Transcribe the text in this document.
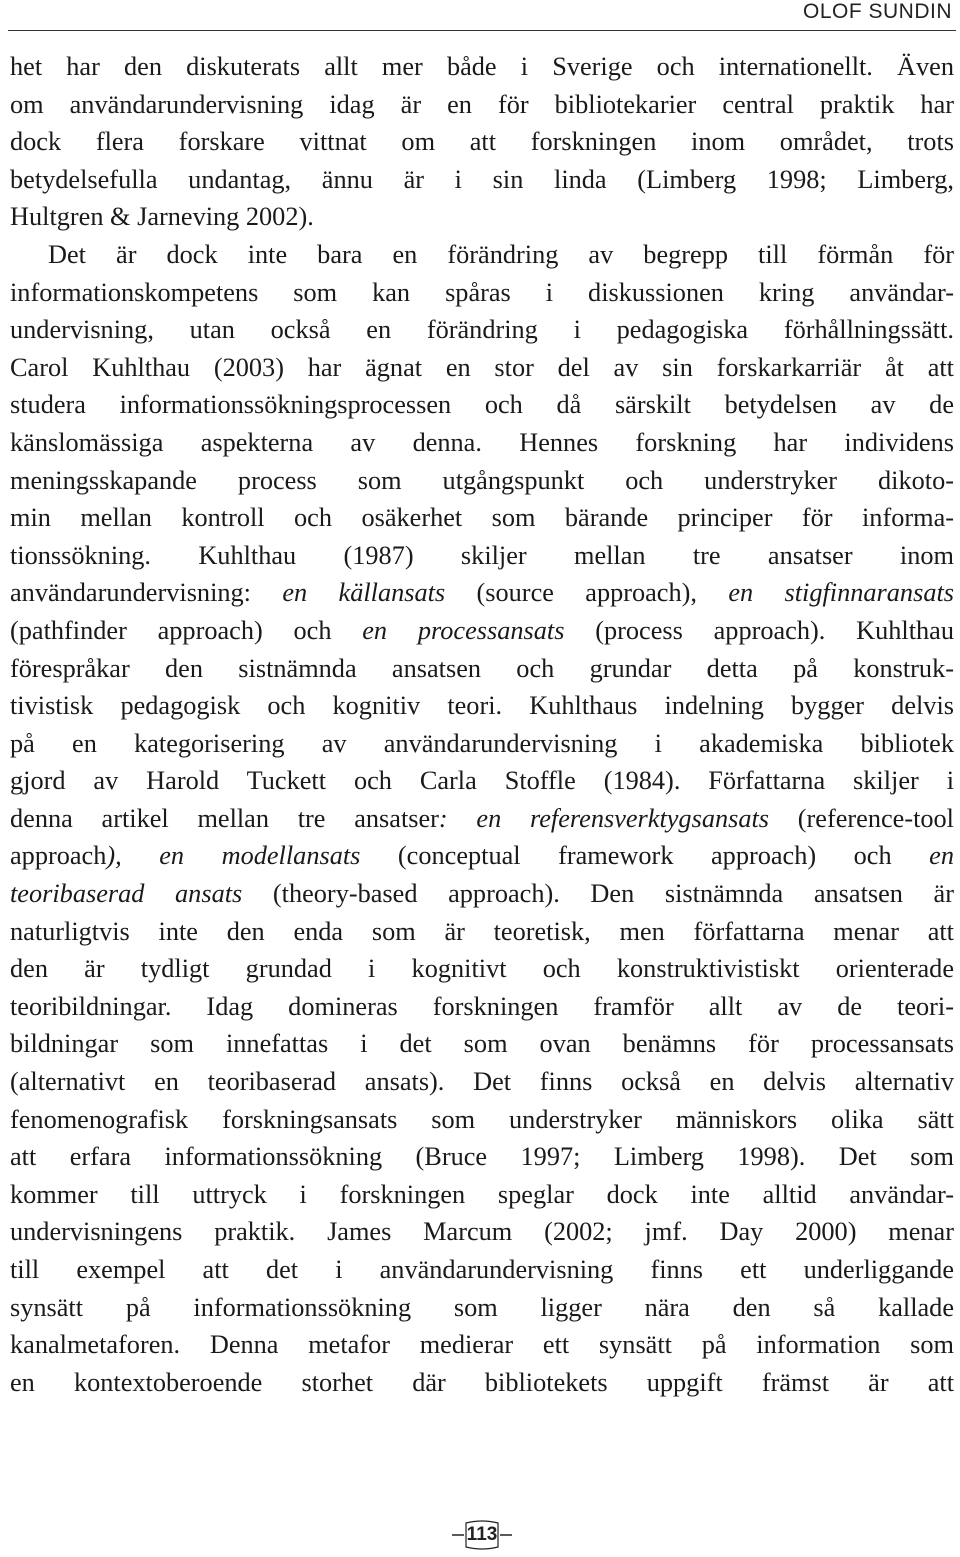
OLOF SUNDIN
het har den diskuterats allt mer både i Sverige och internationellt. Även
om användarundervisning idag är en för bibliotekarier central praktik har
dock flera forskare vittnat om att forskningen inom området, trots
betydelsefulla undantag, ännu är i sin linda (Limberg 1998; Limberg,
Hultgren & Jarneving 2002).
Det är dock inte bara en förändring av begrepp till förmån för
informationskompetens som kan spåras i diskussionen kring användar-
undervisning, utan också en förändring i pedagogiska förhållningssätt.
Carol Kuhlthau (2003) har ägnat en stor del av sin forskarkarriär åt att
studera informationssökningsprocessen och då särskilt betydelsen av de
känslomässiga aspekterna av denna. Hennes forskning har individens
meningsskapande process som utgångspunkt och understryker dikoto-
min mellan kontroll och osäkerhet som bärande principer för informa-
tionssökning. Kuhlthau (1987) skiljer mellan tre ansatser inom
användarundervisning: en källansats (source approach), en stigfinnaransats
(pathfinder approach) och en processansats (process approach). Kuhlthau
förespråkar den sistnämnda ansatsen och grundar detta på konstruk-
tivistisk pedagogisk och kognitiv teori. Kuhlthaus indelning bygger delvis
på en kategorisering av användarundervisning i akademiska bibliotek
gjord av Harold Tuckett och Carla Stoffle (1984). Författarna skiljer i
denna artikel mellan tre ansatser: en referensverktygsansats (reference-tool
approach), en modellansats (conceptual framework approach) och en
teoribaserad ansats (theory-based approach). Den sistnämnda ansatsen är
naturligtvis inte den enda som är teoretisk, men författarna menar att
den är tydligt grundad i kognitivt och konstruktivistiskt orienterade
teoribildningar. Idag domineras forskningen framför allt av de teori-
bildningar som innefattas i det som ovan benämns för processansats
(alternativt en teoribaserad ansats). Det finns också en delvis alternativ
fenomenografisk forskningsansats som understryker människors olika sätt
att erfara informationssökning (Bruce 1997; Limberg 1998). Det som
kommer till uttryck i forskningen speglar dock inte alltid användar-
undervisningens praktik. James Marcum (2002; jmf. Day 2000) menar
till exempel att det i användarundervisning finns ett underliggande
synsätt på informationssökning som ligger nära den så kallade
kanalmetaforen. Denna metafor medierar ett synsätt på information som
en kontextoberoende storhet där bibliotekets uppgift främst är att
113
